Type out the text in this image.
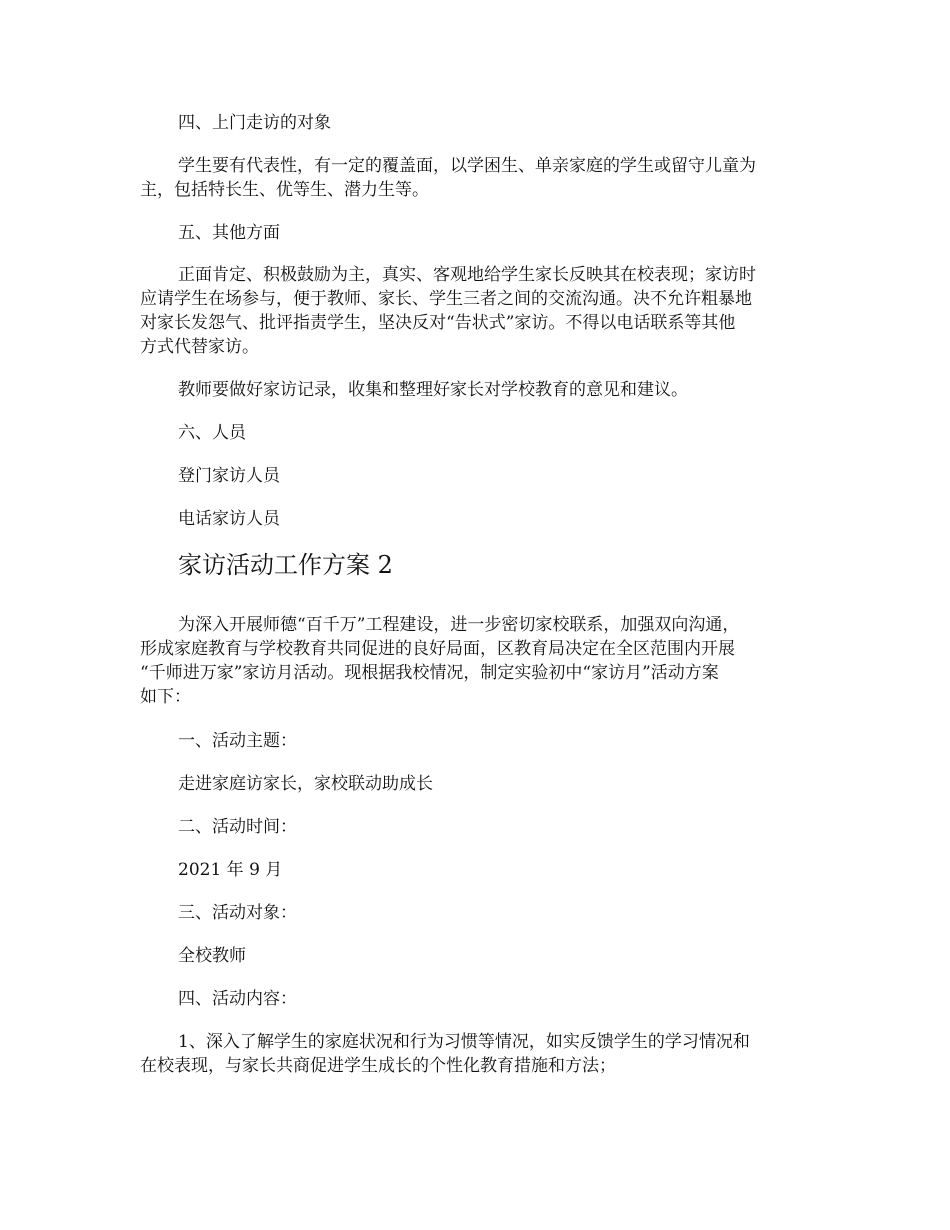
四、上门走访的对象
学生要有代表性，有一定的覆盖面，以学困生、单亲家庭的学生或留守儿童为
主，包括特长生、优等生、潜力生等。
五、其他方面
正面肯定、积极鼓励为主，真实、客观地给学生家长反映其在校表现；家访时
应请学生在场参与，便于教师、家长、学生三者之间的交流沟通。决不允许粗暴地
对家长发怨气、批评指责学生，坚决反对“告状式”家访。不得以电话联系等其他
方式代替家访。
教师要做好家访记录，收集和整理好家长对学校教育的意见和建议。
六、人员
登门家访人员
电话家访人员
家访活动工作方案 2
为深入开展师德“百千万”工程建设，进一步密切家校联系，加强双向沟通，
形成家庭教育与学校教育共同促进的良好局面，区教育局决定在全区范围内开展
“千师进万家”家访月活动。现根据我校情况，制定实验初中“家访月”活动方案
如下：
一、活动主题：
走进家庭访家长，家校联动助成长
二、活动时间：
2021 年 9 月
三、活动对象：
全校教师
四、活动内容：
1、深入了解学生的家庭状况和行为习惯等情况，如实反馈学生的学习情况和
在校表现，与家长共商促进学生成长的个性化教育措施和方法；
